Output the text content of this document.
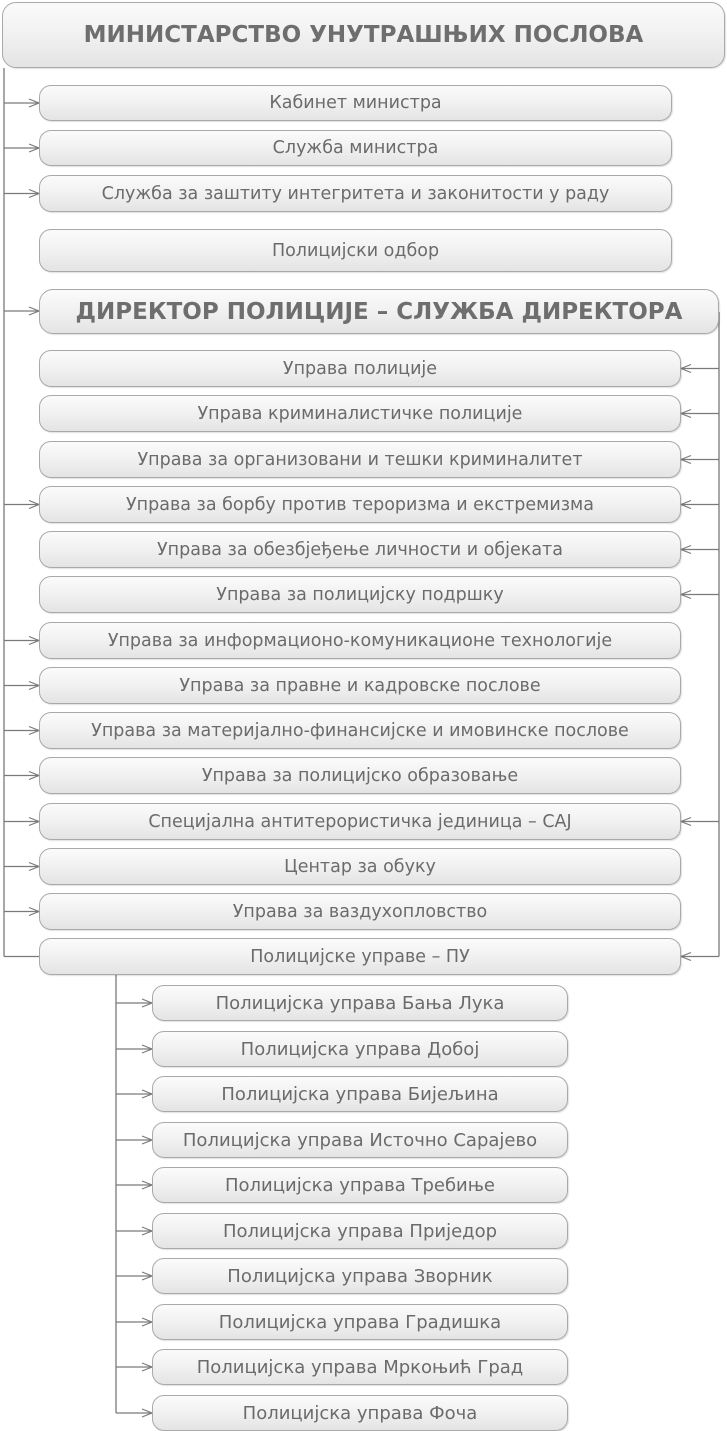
МИНИСТАРСТВО УНУТРАШЊИХ ПОСЛОВА
Кабинет министра
Служба министра
Служба за заштиту интегритета и законитости у раду
Полицијски одбор
ДИРЕКТОР ПОЛИЦИЈЕ – СЛУЖБА ДИРЕКТОРА
Управа полиције
Управа криминалистичке полиције
Управа за организовани и тешки криминалитет
Управа за борбу против тероризма и екстремизма
Управа за обезбјеђење личности и објеката
Управа за полицијску подршку
Управа за информационо-комуникационе технологије
Управа за правне и кадровске послове
Управа за материјално-финансијске и имовинске послове
Управа за полицијско образовање
Специјална антитерористичка јединица – САЈ
Центар за обуку
Управа за ваздухопловство
Полицијске управе – ПУ
Полицијска управа Бања Лука
Полицијска управа Добој
Полицијска управа Бијељина
Полицијска управа Источно Сарајево
Полицијска управа Требиње
Полицијска управа Приједор
Полицијска управа Зворник
Полицијска управа Градишка
Полицијска управа Мркоњић Град
Полицијска управа Фоча
